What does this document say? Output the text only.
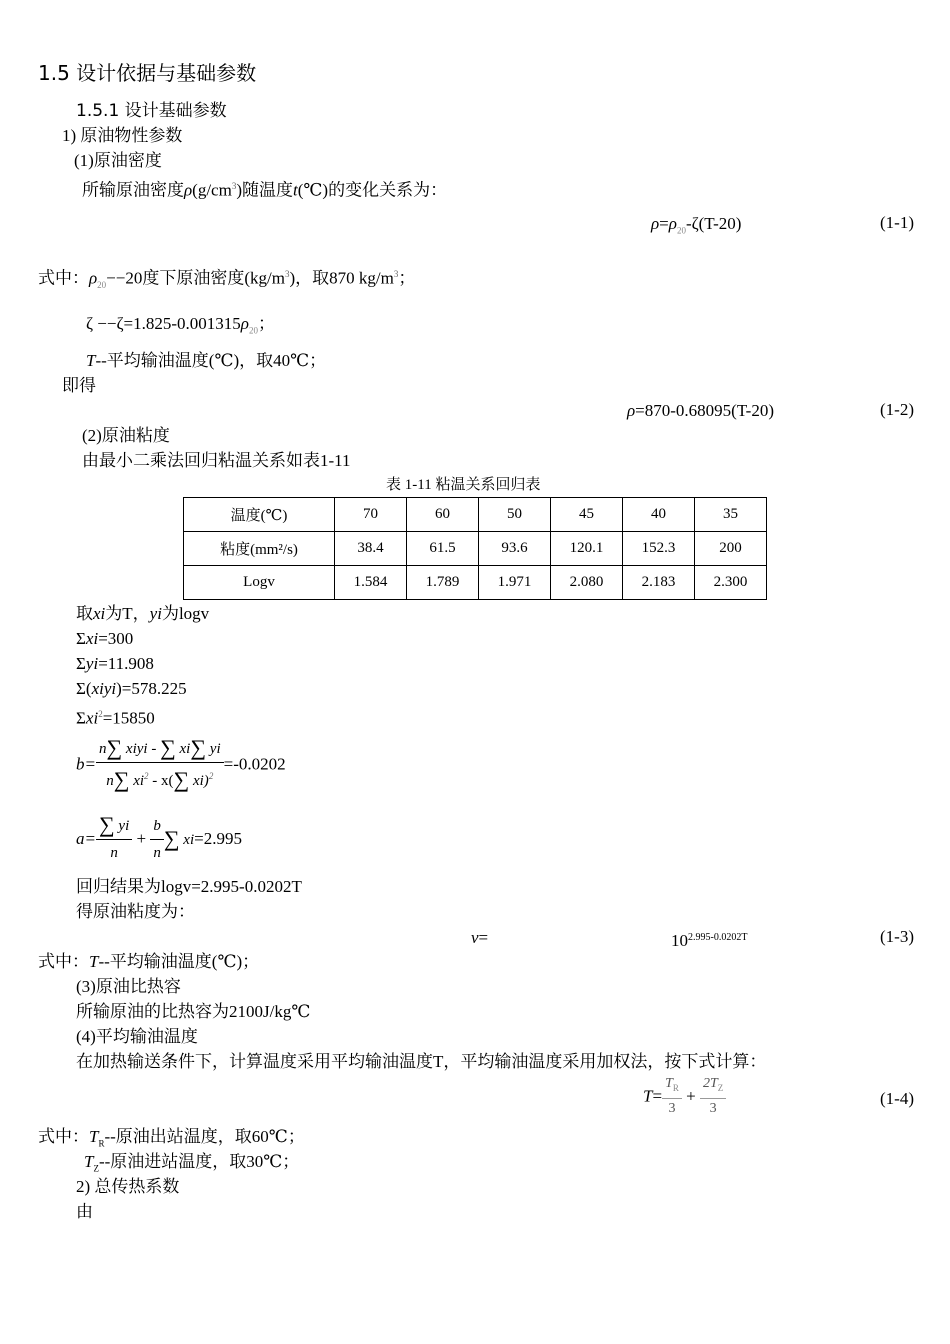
1.5 设计依据与基础参数
1.5.1 设计基础参数
1) 原油物性参数
(1)原油密度
所输原油密度$\rho(g/cm^3)$随温度t(℃)的变化关系为：
$\rho=\rho_{20}-\zeta(T-20)$	(1-1)
式中：$\rho_{20}--20$度下原油密度$(kg/m^3)$，取870 $kg/m^3$；
$\zeta --\zeta=1.825-0.001315\rho_{20}$；
T--平均输油温度(℃)，取40℃；
即得
ρ=870-0.68095(T-20)	(1-2)
(2)原油粘度
由最小二乘法回归粘温关系如表1-11
表 1-11 粘温关系回归表
温度(℃)	70	60	50	45	40	35
粘度(mm²/s)	38.4	61.5	93.6	120.1	152.3	200
Logv	1.584	1.789	1.971	2.080	2.183	2.300
取xi为T，yi为logv
Σxi=300
Σyi=11.908
Σ(xiyi)=578.225
Σxi$^2$=15850
$b= \frac{\text{n∑ xiyi - ∑ xi∑ yi}}{n\sum xi^2 - x(\sum xi)^2} =-0.0202$
$a= \frac{\sum yi}{n} + \frac{b}{n}$ ∑ xi=2.995
回归结果为logv=2.995-0.0202T
得原油粘度为：
v=	$10^{2.995-0.0202T}$	(1-3)
式中：T--平均输油温度(℃)；
(3)原油比热容
所输原油的比热容为2100J/kg℃
(4)平均输油温度
在加热输送条件下，计算温度采用平均输油温度T，平均输油温度采用加权法，按下式计算：
$T= \frac{T_R}{3} + \frac{2T_Z}{3}$	(1-4)
式中：$T_R--$原油出站温度，取60℃；
$T_Z--$原油进站温度，取30℃；
2) 总传热系数
由
